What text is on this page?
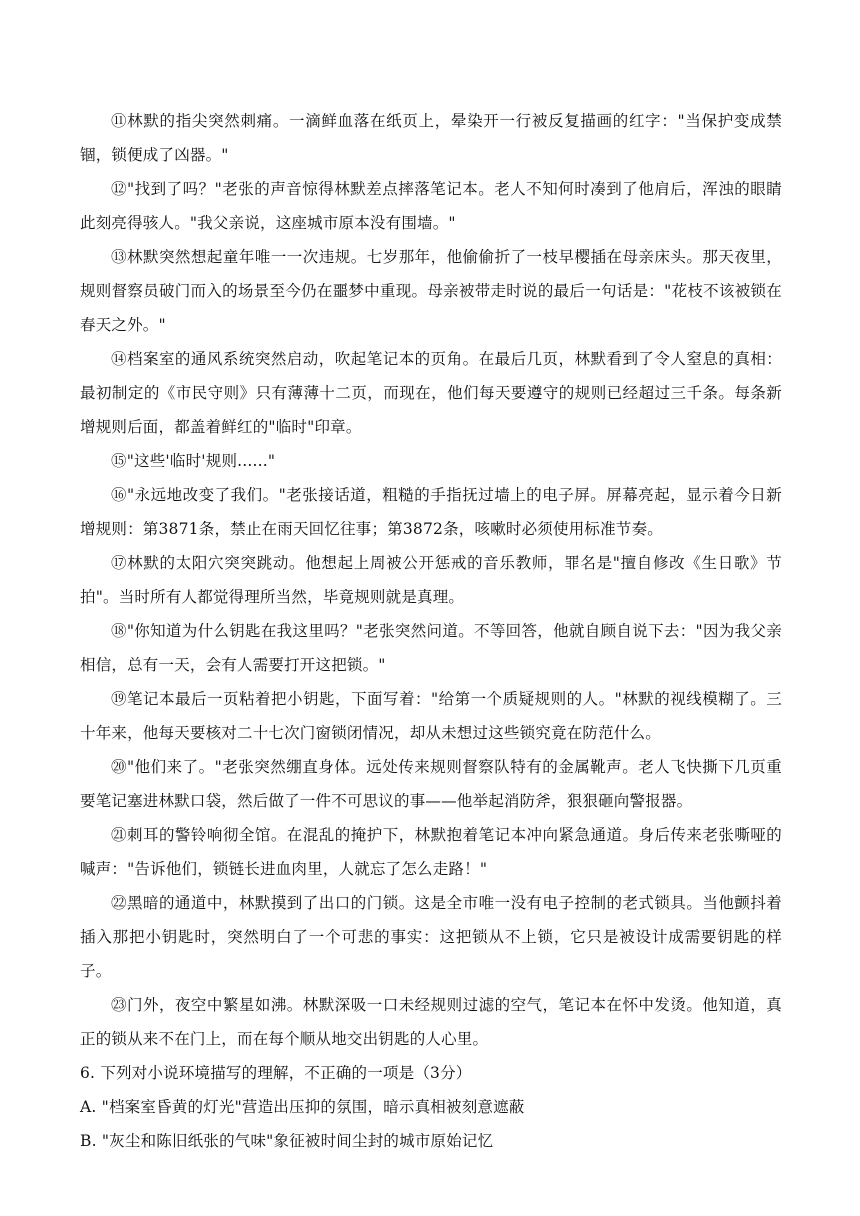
⑪林默的指尖突然刺痛。一滴鲜血落在纸页上，晕染开一行被反复描画的红字："当保护变成禁锢，锁便成了凶器。"

⑫"找到了吗？"老张的声音惊得林默差点摔落笔记本。老人不知何时凑到了他肩后，浑浊的眼睛此刻亮得骇人。"我父亲说，这座城市原本没有围墙。"

⑬林默突然想起童年唯一一次违规。七岁那年，他偷偷折了一枝早樱插在母亲床头。那天夜里，规则督察员破门而入的场景至今仍在噩梦中重现。母亲被带走时说的最后一句话是："花枝不该被锁在春天之外。"

⑭档案室的通风系统突然启动，吹起笔记本的页角。在最后几页，林默看到了令人窒息的真相：最初制定的《市民守则》只有薄薄十二页，而现在，他们每天要遵守的规则已经超过三千条。每条新增规则后面，都盖着鲜红的"临时"印章。

⑮"这些'临时'规则......"

⑯"永远地改变了我们。"老张接话道，粗糙的手指抚过墙上的电子屏。屏幕亮起，显示着今日新增规则：第3871条，禁止在雨天回忆往事；第3872条，咳嗽时必须使用标准节奏。

⑰林默的太阳穴突突跳动。他想起上周被公开惩戒的音乐教师，罪名是"擅自修改《生日歌》节拍"。当时所有人都觉得理所当然，毕竟规则就是真理。

⑱"你知道为什么钥匙在我这里吗？"老张突然问道。不等回答，他就自顾自说下去："因为我父亲相信，总有一天，会有人需要打开这把锁。"

⑲笔记本最后一页粘着把小钥匙，下面写着："给第一个质疑规则的人。"林默的视线模糊了。三十年来，他每天要核对二十七次门窗锁闭情况，却从未想过这些锁究竟在防范什么。

⑳"他们来了。"老张突然绷直身体。远处传来规则督察队特有的金属靴声。老人飞快撕下几页重要笔记塞进林默口袋，然后做了一件不可思议的事——他举起消防斧，狠狠砸向警报器。

㉑刺耳的警铃响彻全馆。在混乱的掩护下，林默抱着笔记本冲向紧急通道。身后传来老张嘶哑的喊声："告诉他们，锁链长进血肉里，人就忘了怎么走路！"

㉒黑暗的通道中，林默摸到了出口的门锁。这是全市唯一没有电子控制的老式锁具。当他颤抖着插入那把小钥匙时，突然明白了一个可悲的事实：这把锁从不上锁，它只是被设计成需要钥匙的样子。

㉓门外，夜空中繁星如沸。林默深吸一口未经规则过滤的空气，笔记本在怀中发烫。他知道，真正的锁从来不在门上，而在每个顺从地交出钥匙的人心里。

6. 下列对小说环境描写的理解，不正确的一项是（3分）

A. "档案室昏黄的灯光"营造出压抑的氛围，暗示真相被刻意遮蔽

B. "灰尘和陈旧纸张的气味"象征被时间尘封的城市原始记忆
